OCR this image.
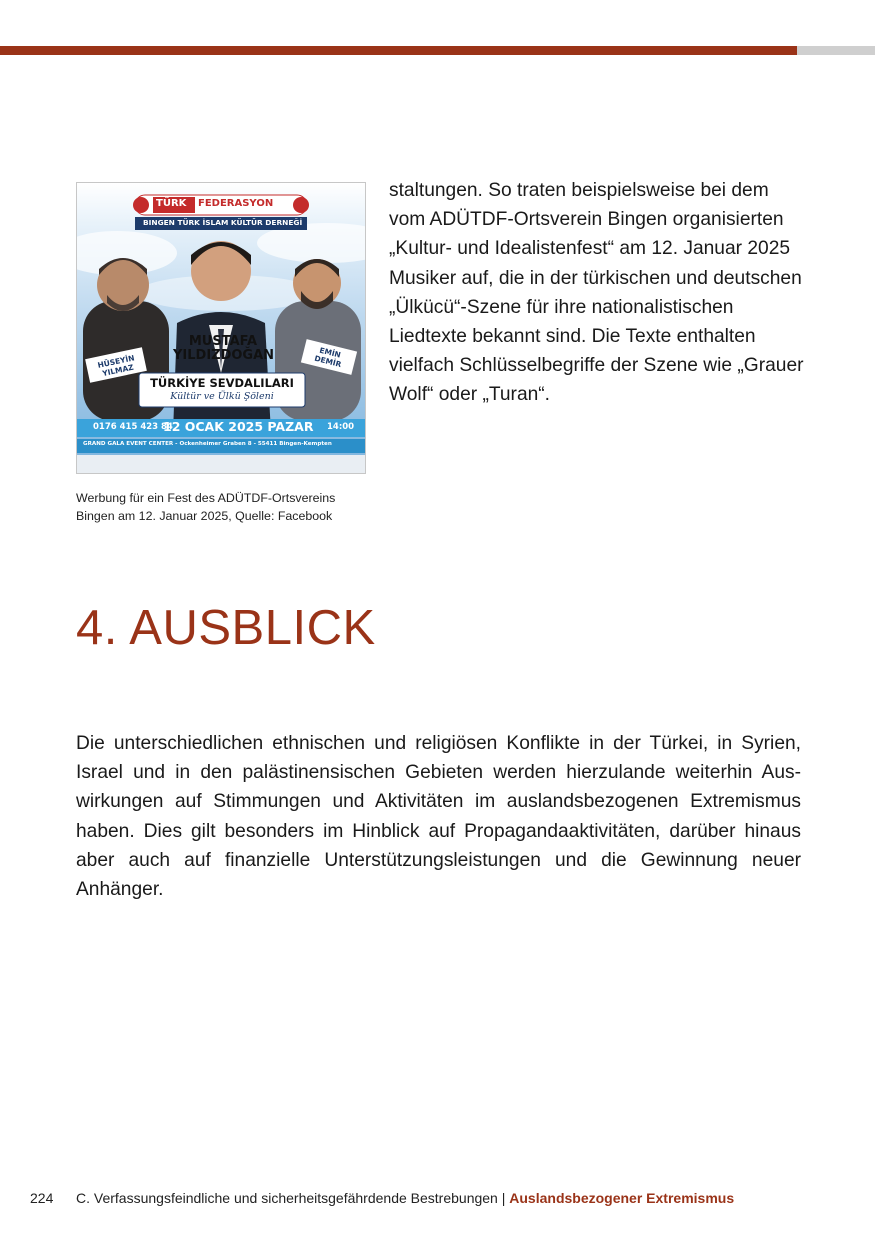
TÜRK FEDERASYON
BINGEN TÜRK İSLAM KÜLTÜR DERNEĞİ
MUSTAFA YILDIZDOĞAN
HÜSEYİN YILMAZ
EMİN DEMİR
TÜRKİYE SEVDALILARI
Kültür ve Ülkü Şöleni
0176 415 423 84
12 OCAK 2025 PAZAR 14:00
GRAND GALA EVENT CENTER - Ockenheimer Graben 8 - 55411 Bingen-Kempten
Werbung für ein Fest des ADÜTDF-Ortsvereins Bingen am 12. Januar 2025, Quelle: Facebook
staltungen. So traten beispielsweise bei dem vom ADÜTDF-Ortsverein Bingen organisierten „Kultur- und Idealistenfest“ am 12. Januar 2025 Musiker auf, die in der türkischen und deutschen „Ülkücü“-Szene für ihre nationalistischen Liedtexte bekannt sind. Die Texte enthalten vielfach Schlüsselbegriffe der Szene wie „Grauer Wolf“ oder „Turan“.
4. AUSBLICK

Die unterschiedlichen ethnischen und religiösen Konflikte in der Türkei, in Syrien, Israel und in den palästinensischen Gebieten werden hierzulande weiterhin Auswirkungen auf Stimmungen und Aktivitäten im auslandsbezogenen Extremismus haben. Dies gilt besonders im Hinblick auf Propagandaaktivitäten, darüber hinaus aber auch auf finanzielle Unterstützungsleistungen und die Gewinnung neuer Anhänger.

224 C. Verfassungsfeindliche und sicherheitsgefährdende Bestrebungen | Auslandsbezogener Extremismus
